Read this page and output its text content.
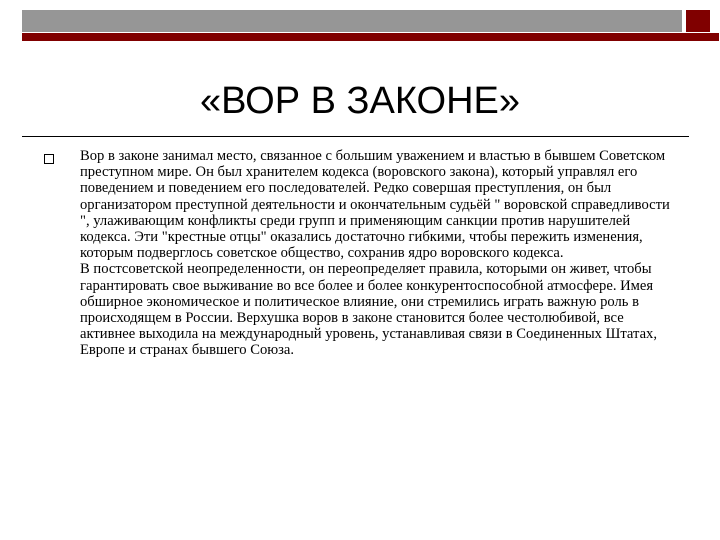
«ВОР В ЗАКОНЕ»
Вор в законе занимал место, связанное с большим уважением и властью в бывшем Советском преступном мире. Он был хранителем кодекса (воровского закона), который управлял его поведением и поведением его последователей. Редко совершая преступления, он был организатором преступной деятельности и окончательным судьёй " воровской справедливости ", улаживающим конфликты среди групп и применяющим санкции против нарушителей кодекса. Эти "крестные отцы" оказались достаточно гибкими, чтобы пережить изменения, которым подверглось советское общество, сохранив ядро воровского кодекса.
В постсоветской неопределенности, он переопределяет правила, которыми он живет, чтобы гарантировать свое выживание во все более и более конкурентоспособной атмосфере. Имея обширное экономическое и политическое влияние, они стремились играть важную роль в происходящем в России. Верхушка воров в законе становится более честолюбивой, все активнее выходила на международный уровень, устанавливая связи в Соединенных Штатах, Европе и странах бывшего Союза.
